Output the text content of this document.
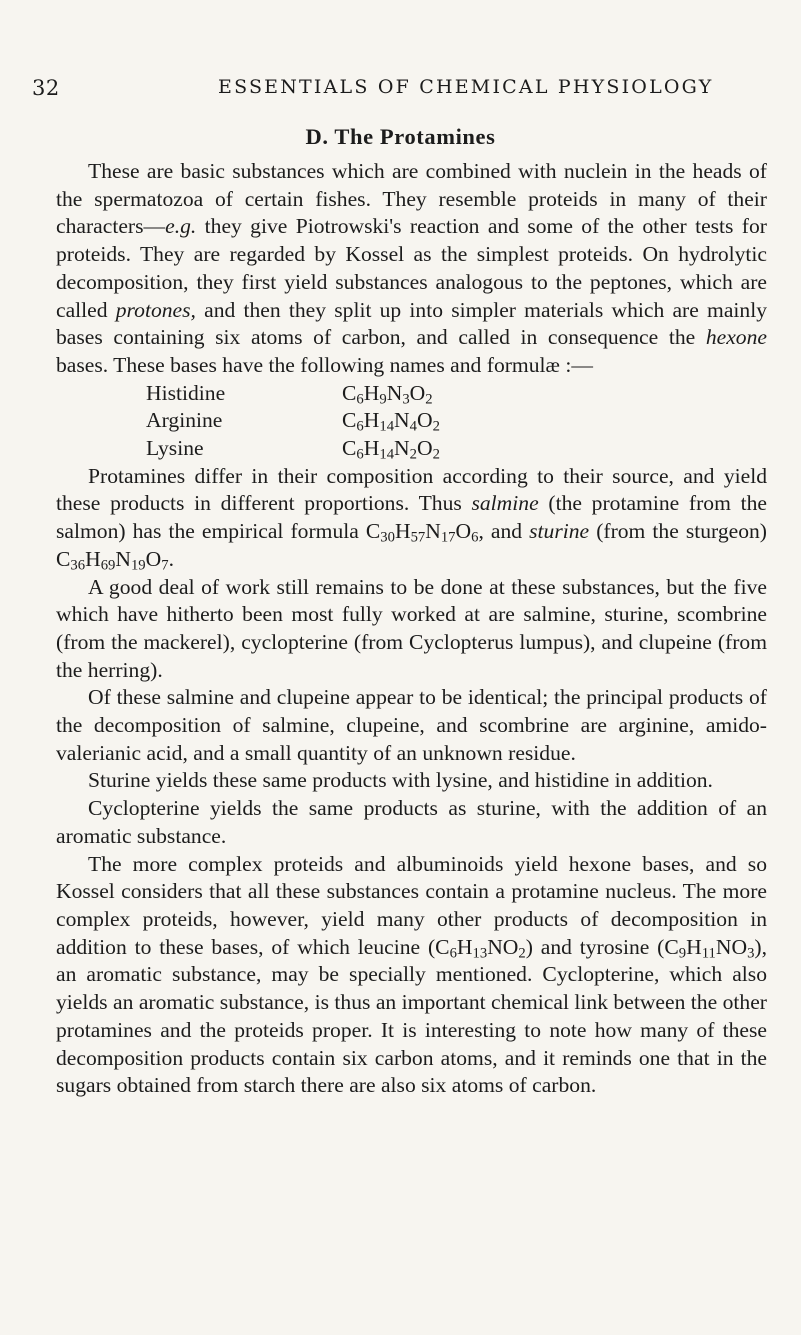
32	ESSENTIALS OF CHEMICAL PHYSIOLOGY
D. The Protamines

These are basic substances which are combined with nuclein in the heads of the spermatozoa of certain fishes. They resemble proteids in many of their characters—e.g. they give Piotrowski's reaction and some of the other tests for proteids. They are regarded by Kossel as the simplest proteids. On hydrolytic decomposition, they first yield substances analogous to the peptones, which are called protones, and then they split up into simpler materials which are mainly bases containing six atoms of carbon, and called in consequence the hexone bases. These bases have the following names and formulæ :—

Histidine	$C_6H_9N_3O_2$
Arginine	$C_6H_{14}N_4O_2$
Lysine	$C_6H_{14}N_2O_2$

Protamines differ in their composition according to their source, and yield these products in different proportions. Thus salmine (the protamine from the salmon) has the empirical formula $C_{30}H_{57}N_{17}O_6$, and sturine (from the sturgeon) $C_{36}H_{69}N_{19}O_7$.

A good deal of work still remains to be done at these substances, but the five which have hitherto been most fully worked at are salmine, sturine, scombrine (from the mackerel), cyclopterine (from Cyclopterus lumpus), and clupeine (from the herring).

Of these salmine and clupeine appear to be identical; the principal products of the decomposition of salmine, clupeine, and scombrine are arginine, amido-valerianic acid, and a small quantity of an unknown residue.

Sturine yields these same products with lysine, and histidine in addition.

Cyclopterine yields the same products as sturine, with the addition of an aromatic substance.

The more complex proteids and albuminoids yield hexone bases, and so Kossel considers that all these substances contain a protamine nucleus. The more complex proteids, however, yield many other products of decomposition in addition to these bases, of which leucine $(C_6H_{13}NO_2)$ and tyrosine $(C_9H_{11}NO_3)$, an aromatic substance, may be specially mentioned. Cyclopterine, which also yields an aromatic substance, is thus an important chemical link between the other protamines and the proteids proper. It is interesting to note how many of these decomposition products contain six carbon atoms, and it reminds one that in the sugars obtained from starch there are also six atoms of carbon.
